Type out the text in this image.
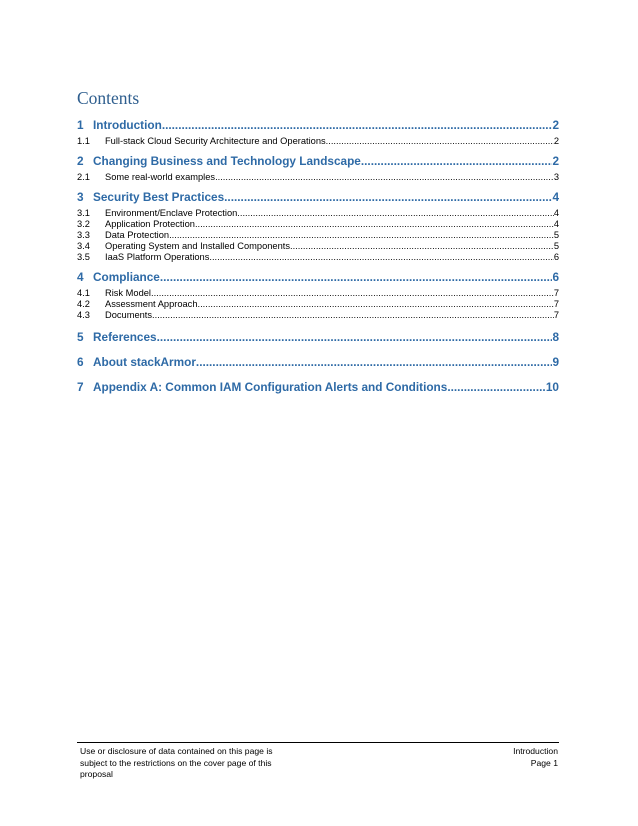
Contents
1 Introduction .....	2
1.1	Full-stack Cloud Security Architecture and Operations .....	2
2 Changing Business and Technology Landscape .....	2
2.1	Some real-world examples .....	3
3 Security Best Practices .....	4
3.1	Environment/Enclave Protection .....	4
3.2	Application Protection .....	4
3.3	Data Protection .....	5
3.4	Operating System and Installed Components .....	5
3.5	IaaS Platform Operations .....	6
4 Compliance .....	6
4.1	Risk Model .....	7
4.2	Assessment Approach .....	7
4.3	Documents .....	7
5 References .....	8
6 About stackArmor .....	9
7 Appendix A: Common IAM Configuration Alerts and Conditions .....	10
Use or disclosure of data contained on this page is
subject to the restrictions on the cover page of this
proposal
Introduction
Page 1
